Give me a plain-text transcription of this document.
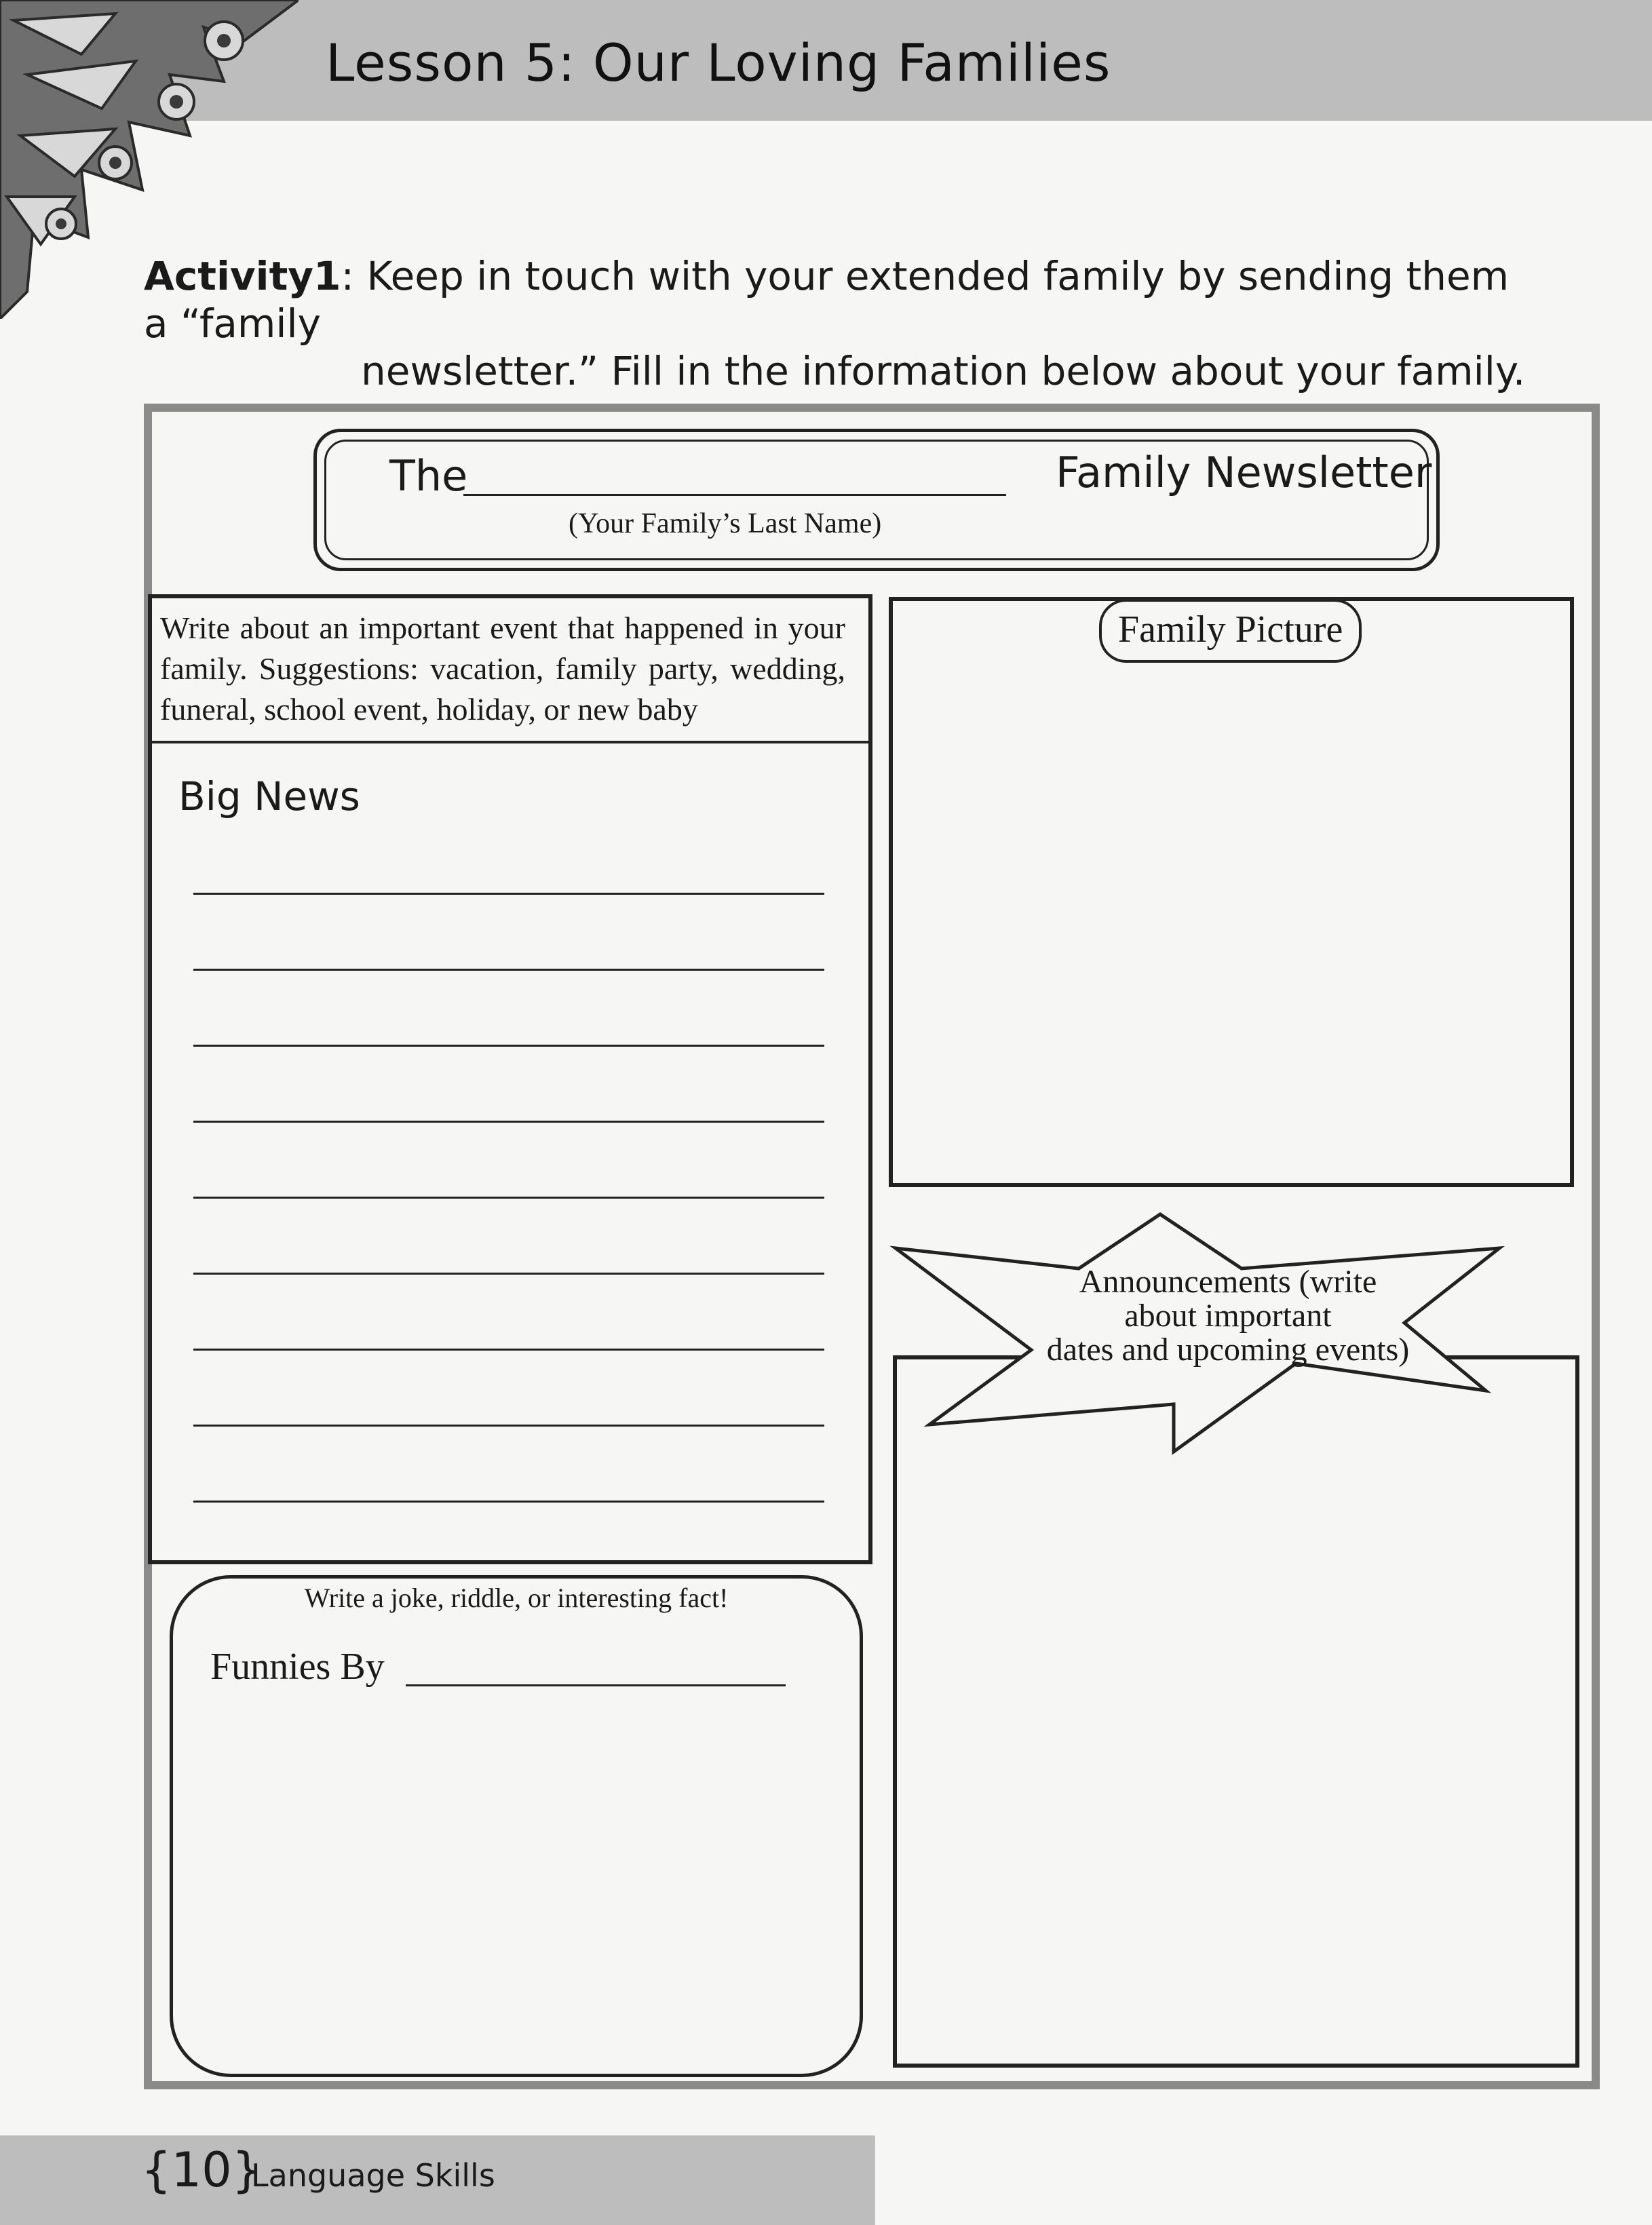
Lesson 5: Our Loving Families
Activity1: Keep in touch with your extended family by sending them a “family
newsletter.” Fill in the information below about your family.
The	Family Newsletter
(Your Family’s Last Name)
Write about an important event that happened in your family. Suggestions: vacation, family party, wedding, funeral, school event, holiday, or new baby
Big News
Write a joke, riddle, or interesting fact!
Funnies By
Family Picture
Announcements (write
about important
dates and upcoming events)
{10}
Language Skills
